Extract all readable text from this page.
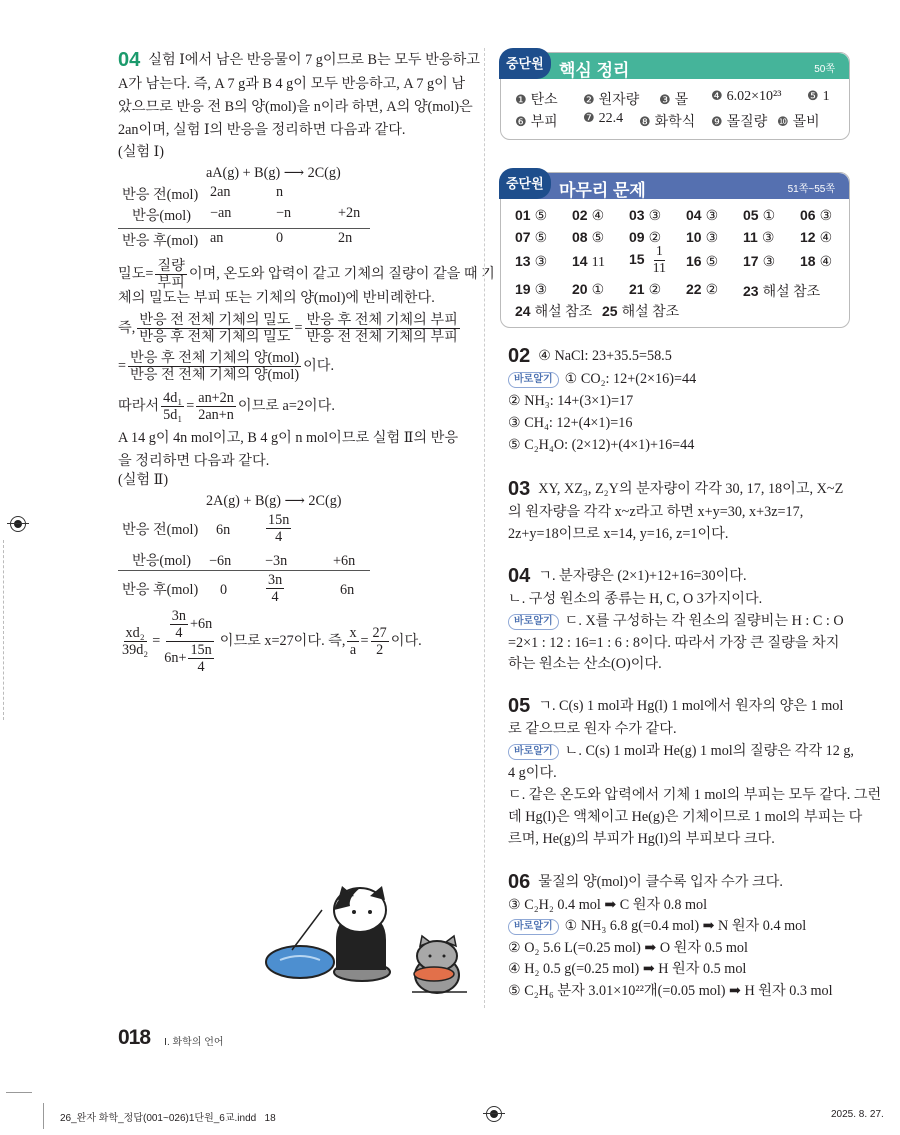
04 실험 Ⅰ에서 남은 반응물이 7 g이므로 B는 모두 반응하고
A가 남는다. 즉, A 7 g과 B 4 g이 모두 반응하고, A 7 g이 남
았으므로 반응 전 B의 양(mol)을 n이라 하면, A의 양(mol)은
2an이며, 실험 Ⅰ의 반응을 정리하면 다음과 같다.
(실험 Ⅰ)
aA(g) + B(g) ⟶ 2C(g)
반응 전(mol) 2an	n
반응(mol) −an	−n	+2n
반응 후(mol) an	0	2n
밀도= $\frac{\text{질량}}{\text{부피}}$ 이며, 온도와 압력이 같고 기체의 질량이 같을 때 기
체의 밀도는 부피 또는 기체의 양(mol)에 반비례한다.
즉, $\frac{\text{반응 전 전체 기체의 밀도}}{\text{반응 후 전체 기체의 밀도}} = \frac{\text{반응 후 전체 기체의 부피}}{\text{반응 전 전체 기체의 부피}}$
= $\frac{\text{반응 후 전체 기체의 양(mol)}}{\text{반응 전 전체 기체의 양(mol)}}$ 이다.
따라서 $\frac{\text{4d₁}}{\text{5d₁}} = \frac{an+2n}{2an+n}$ 이므로 a=2이다.
A 14 g이 4n mol이고, B 4 g이 n mol이므로 실험 Ⅱ의 반응
을 정리하면 다음과 같다.
(실험 Ⅱ)
2A(g) + B(g) ⟶ 2C(g)
반응 전(mol) 6n	$\frac{15n}{4}$
반응(mol) −6n −3n	+6n
반응 후(mol) 0	$\frac{3n}{4}$	6n
$\frac{\text{xd₂}}{\text{39d₂}} = \frac{\frac{3n}{4} +6n}{6n+ \frac{15n}{4}}$ 이므로 x=27이다. 즉, $\frac{x}{a} = \frac{27}{2}$ 이다.
중단원 핵심 정리	50쪽
❶ 탄소 ❷ 원자량 ❸ 몰 ❹ 6.02×10²³ ❺ 1
❻ 부피 ❼ 22.4 ❽ 화학식 ❾ 몰질량 ❿ 몰비
중단원 마무리 문제	51쪽~55쪽
01 ⑤ 02 ④ 03 ③ 04 ③ 05 ① 06 ③
07 ⑤ 08 ⑤ 09 ② 10 ③ 11 ③ 12 ④
13 ③ 14 11 $15 \frac{1}{11} 16$ ⑤ 17 ③ 18 ④
19 ③ 20 ① 21 ② 22 ② 23 해설 참조
24 해설 참조 25 해설 참조
02 ④ NaCl: 23+35.5=58.5
바로알기 ① CO₂: 12+(2×16)=44
② NH₃: 14+(3×1)=17
③ CH₄: 12+(4×1)=16
⑤ C₂H₄O: (2×12)+(4×1)+16=44
03 XY, XZ₃, Z₂Y의 분자량이 각각 30, 17, 18이고, X~Z
의 원자량을 각각 x~z라고 하면 x+y=30, x+3z=17,
2z+y=18이므로 x=14, y=16, z=1이다.
04 ㄱ. 분자량은 (2×1)+12+16=30이다.
ㄴ. 구성 원소의 종류는 H, C, O 3가지이다.
바로알기 ㄷ. X를 구성하는 각 원소의 질량비는 H : C : O
=2×1 : 12 : 16=1 : 6 : 8이다. 따라서 가장 큰 질량을 차지
하는 원소는 산소(O)이다.
05 ㄱ. C(s) 1 mol과 Hg(l) 1 mol에서 원자의 양은 1 mol
로 같으므로 원자 수가 같다.
바로알기 ㄴ. C(s) 1 mol과 He(g) 1 mol의 질량은 각각 12 g,
4 g이다.
ㄷ. 같은 온도와 압력에서 기체 1 mol의 부피는 모두 같다. 그런
데 Hg(l)은 액체이고 He(g)은 기체이므로 1 mol의 부피는 다
르며, He(g)의 부피가 Hg(l)의 부피보다 크다.
06 물질의 양(mol)이 클수록 입자 수가 크다.
③ C₂H₂ 0.4 mol ➡ C 원자 0.8 mol
바로알기 ① NH₃ 6.8 g(=0.4 mol) ➡ N 원자 0.4 mol
② O₂ 5.6 L(=0.25 mol) ➡ O 원자 0.5 mol
④ H₂ 0.5 g(=0.25 mol) ➡ H 원자 0.5 mol
⑤ C₂H₆ 분자 3.01×10²²개(=0.05 mol) ➡ H 원자 0.3 mol
018 Ⅰ. 화학의 언어
26_완자 화학_정답(001~026)1단원_6교.indd   18	2025. 8. 27.
